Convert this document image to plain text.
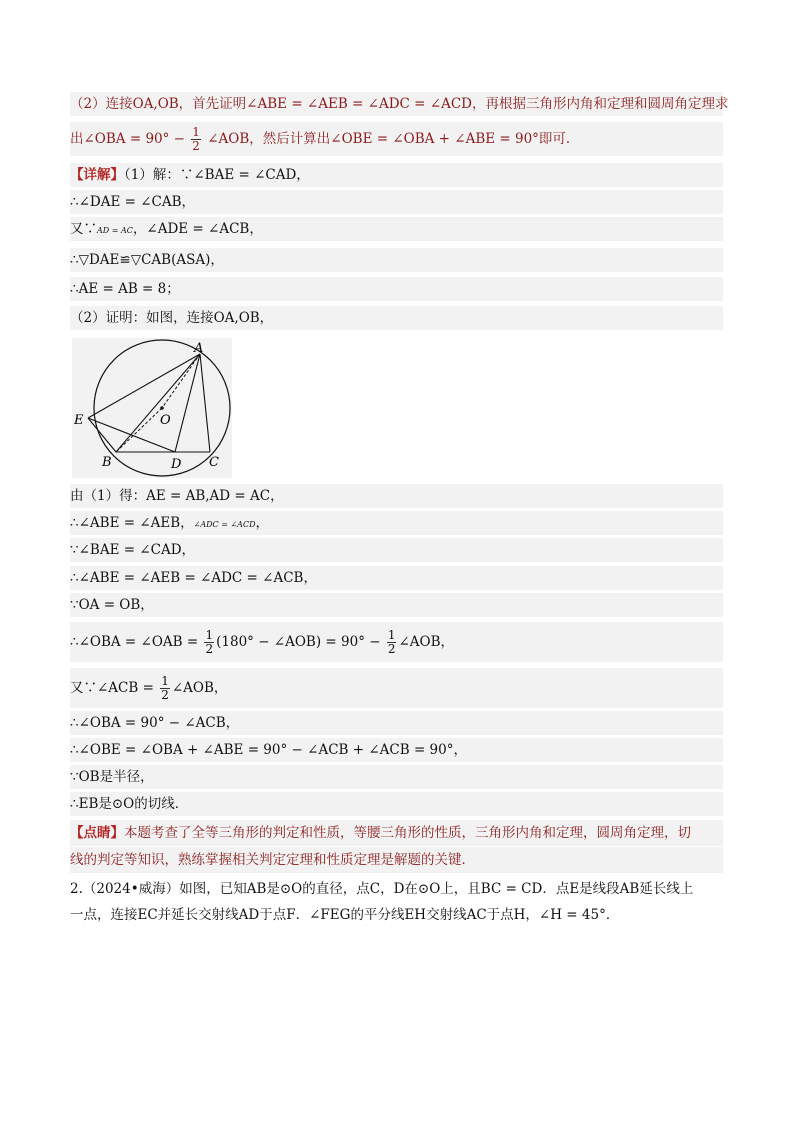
（2）连接OA,OB，首先证明∠ABE = ∠AEB = ∠ADC = ∠ACD，再根据三角形内角和定理和圆周角定理求
出∠OBA = $90^\circ - \frac{1}{2}$ ∠AOB，然后计算出∠OBE = ∠OBA + ∠ABE = 90°即可．
【详解】（1）解：∵∠BAE = ∠CAD，
∴∠DAE = ∠CAB，
又∵AD = AC，∠ADE = ∠ACB，
∴▽DAE≌▽CAB(ASA)，
∴AE = AB = 8；
（2）证明：如图，连接OA,OB，
A
E	O
B	D C
由（1）得：AE = AB,AD = AC，
∴∠ABE = ∠AEB，∠ADC = ∠ACD，
∵∠BAE = ∠CAD，
∴∠ABE = ∠AEB = ∠ADC = ∠ACB，
∵OA = OB，
∴∠OBA = ∠OAB = $\frac{1}{2} (180^\circ$ − ∠AOB) = $90^\circ - \frac{1}{2}$ ∠AOB，
又∵∠ACB = $\frac{1}{2}$ ∠AOB，
∴∠OBA = 90° − ∠ACB，
∴∠OBE = ∠OBA + ∠ABE = 90° − ∠ACB + ∠ACB = 90°，
∵OB是半径，
∴EB是⊙O的切线．
【点睛】本题考查了全等三角形的判定和性质，等腰三角形的性质，三角形内角和定理，圆周角定理，切
线的判定等知识，熟练掌握相关判定定理和性质定理是解题的关键．
2.（2024•威海）如图，已知AB是⊙O的直径，点C，D在⊙O上，且BC = CD．点E是线段AB延长线上
一点，连接EC并延长交射线AD于点F．∠FEG的平分线EH交射线AC于点H，∠H = 45°．
